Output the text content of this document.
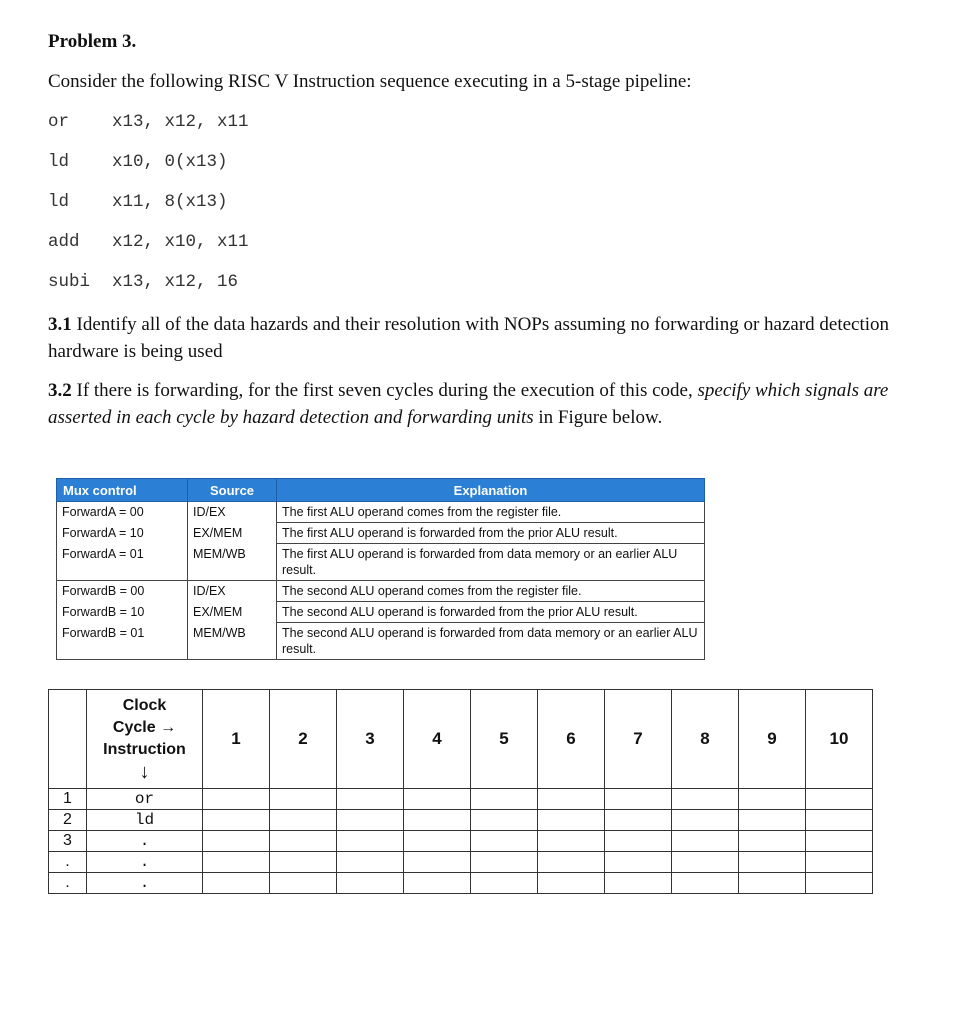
Problem 3.
Consider the following RISC V Instruction sequence executing in a 5-stage pipeline:
or x13, x12, x11
ld x10, 0(x13)
ld x11, 8(x13)
add x12, x10, x11
subi x13, x12, 16
3.1 Identify all of the data hazards and their resolution with NOPs assuming no forwarding or hazard detection hardware is being used
3.2 If there is forwarding, for the first seven cycles during the execution of this code, specify which signals are asserted in each cycle by hazard detection and forwarding units in Figure below.
Mux control	Source	Explanation
ForwardA = 00	ID/EX	The first ALU operand comes from the register file.
ForwardA = 10	EX/MEM	The first ALU operand is forwarded from the prior ALU result.
ForwardA = 01	MEM/WB	The first ALU operand is forwarded from data memory or an earlier ALU result.
ForwardB = 00	ID/EX	The second ALU operand comes from the register file.
ForwardB = 10	EX/MEM	The second ALU operand is forwarded from the prior ALU result.
ForwardB = 01	MEM/WB	The second ALU operand is forwarded from data memory or an earlier ALU result.

	Clock
Cycle →
Instruction
↓	1	2	3	4	5	6	7	8	9	10
1	or										
2	ld										
3	.										
.	.										
.	.										
